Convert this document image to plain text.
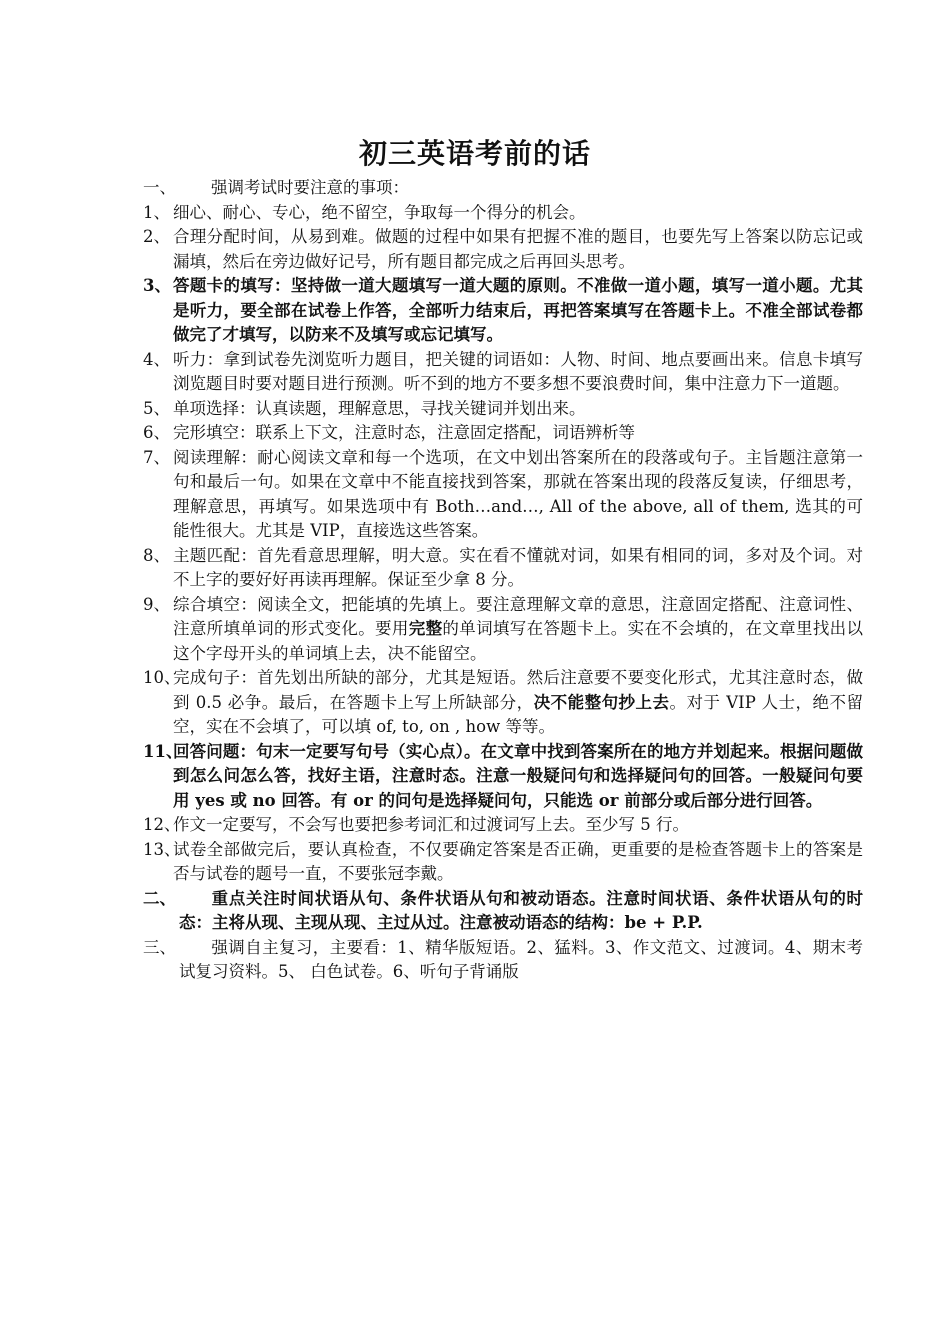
初三英语考前的话

一、 强调考试时要注意的事项：

1、 细心、耐心、专心，绝不留空，争取每一个得分的机会。

2、 合理分配时间，从易到难。做题的过程中如果有把握不准的题目，也要先写上答案以防忘记或漏填，然后在旁边做好记号，所有题目都完成之后再回头思考。

3、 答题卡的填写：坚持做一道大题填写一道大题的原则。不准做一道小题，填写一道小题。尤其是听力，要全部在试卷上作答，全部听力结束后，再把答案填写在答题卡上。不准全部试卷都做完了才填写，以防来不及填写或忘记填写。

4、 听力：拿到试卷先浏览听力题目，把关键的词语如：人物、时间、地点要画出来。信息卡填写浏览题目时要对题目进行预测。听不到的地方不要多想不要浪费时间，集中注意力下一道题。

5、 单项选择：认真读题，理解意思，寻找关键词并划出来。

6、 完形填空：联系上下文，注意时态，注意固定搭配，词语辨析等

7、 阅读理解：耐心阅读文章和每一个选项，在文中划出答案所在的段落或句子。主旨题注意第一句和最后一句。如果在文章中不能直接找到答案，那就在答案出现的段落反复读，仔细思考，理解意思，再填写。如果选项中有 Both…and…, All of the above, all of them, 选其的可能性很大。尤其是 VIP，直接选这些答案。

8、 主题匹配：首先看意思理解，明大意。实在看不懂就对词，如果有相同的词，多对及个词。对不上字的要好好再读再理解。保证至少拿 8 分。

9、 综合填空：阅读全文，把能填的先填上。要注意理解文章的意思，注意固定搭配、注意词性、注意所填单词的形式变化。要用完整的单词填写在答题卡上。实在不会填的，在文章里找出以这个字母开头的单词填上去，决不能留空。

10、
完成句子：首先划出所缺的部分，尤其是短语。然后注意要不要变化形式，尤其注意时态，做到 0.5 必争。最后，在答题卡上写上所缺部分，决不能整句抄上去。对于 VIP 人士，绝不留空，实在不会填了，可以填 of, to, on , how 等等。

11、
回答问题：句末一定要写句号（实心点）。在文章中找到答案所在的地方并划起来。根据问题做到怎么问怎么答，找好主语，注意时态。注意一般疑问句和选择疑问句的回答。一般疑问句要用 yes 或 no 回答。有 or 的问句是选择疑问句，只能选 or 前部分或后部分进行回答。

12、
作文一定要写，不会写也要把参考词汇和过渡词写上去。至少写 5 行。

13、
试卷全部做完后，要认真检查，不仅要确定答案是否正确，更重要的是检查答题卡上的答案是否与试卷的题号一直，不要张冠李戴。

二、 重点关注时间状语从句、条件状语从句和被动语态。注意时间状语、条件状语从句的时态：主将从现、主现从现、主过从过。注意被动语态的结构：be + P.P.

三、 强调自主复习，主要看：1、精华版短语。2、猛料。3、作文范文、过渡词。4、期末考试复习资料。5、 白色试卷。6、听句子背诵版
